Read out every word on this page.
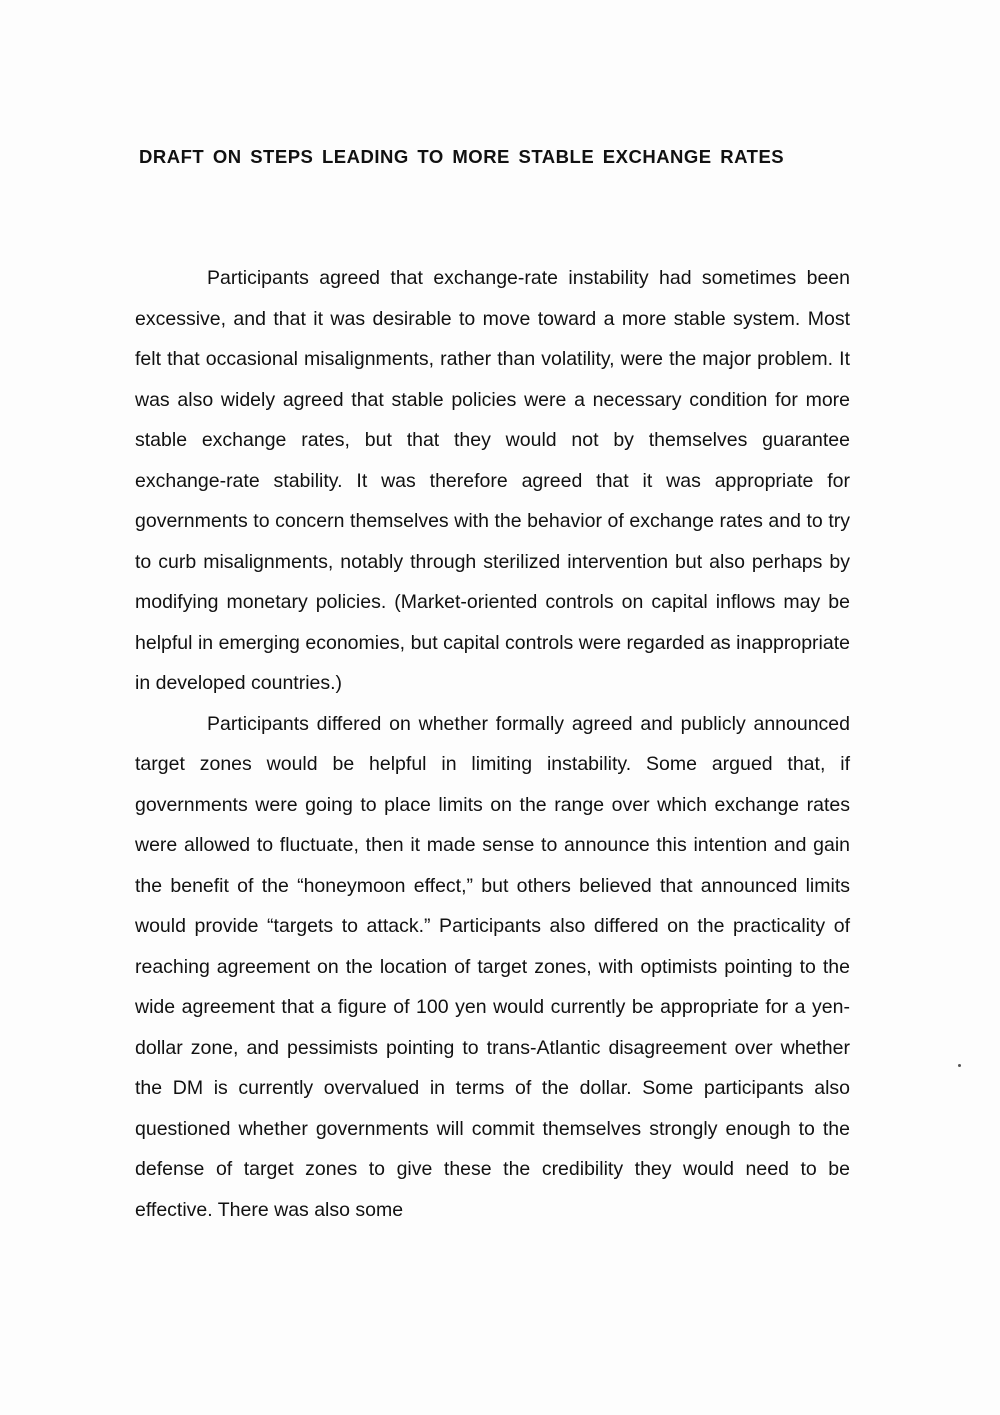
DRAFT ON STEPS LEADING TO MORE STABLE EXCHANGE RATES

Participants agreed that exchange-rate instability had sometimes been excessive, and that it was desirable to move toward a more stable system. Most felt that occasional misalignments, rather than volatility, were the major problem. It was also widely agreed that stable policies were a necessary condition for more stable exchange rates, but that they would not by themselves guarantee exchange-rate stability. It was therefore agreed that it was appropriate for governments to concern themselves with the behavior of exchange rates and to try to curb misalignments, notably through sterilized intervention but also perhaps by modifying monetary policies. (Market-oriented controls on capital inflows may be helpful in emerging economies, but capital controls were regarded as inappropriate in developed countries.)

Participants differed on whether formally agreed and publicly announced target zones would be helpful in limiting instability. Some argued that, if governments were going to place limits on the range over which exchange rates were allowed to fluctuate, then it made sense to announce this intention and gain the benefit of the “honeymoon effect,” but others believed that announced limits would provide “targets to attack.” Participants also differed on the practicality of reaching agreement on the location of target zones, with optimists pointing to the wide agreement that a figure of 100 yen would currently be appropriate for a yen-dollar zone, and pessimists pointing to trans-Atlantic disagreement over whether the DM is currently overvalued in terms of the dollar. Some participants also questioned whether governments will commit themselves strongly enough to the defense of target zones to give these the credibility they would need to be effective. There was also some
